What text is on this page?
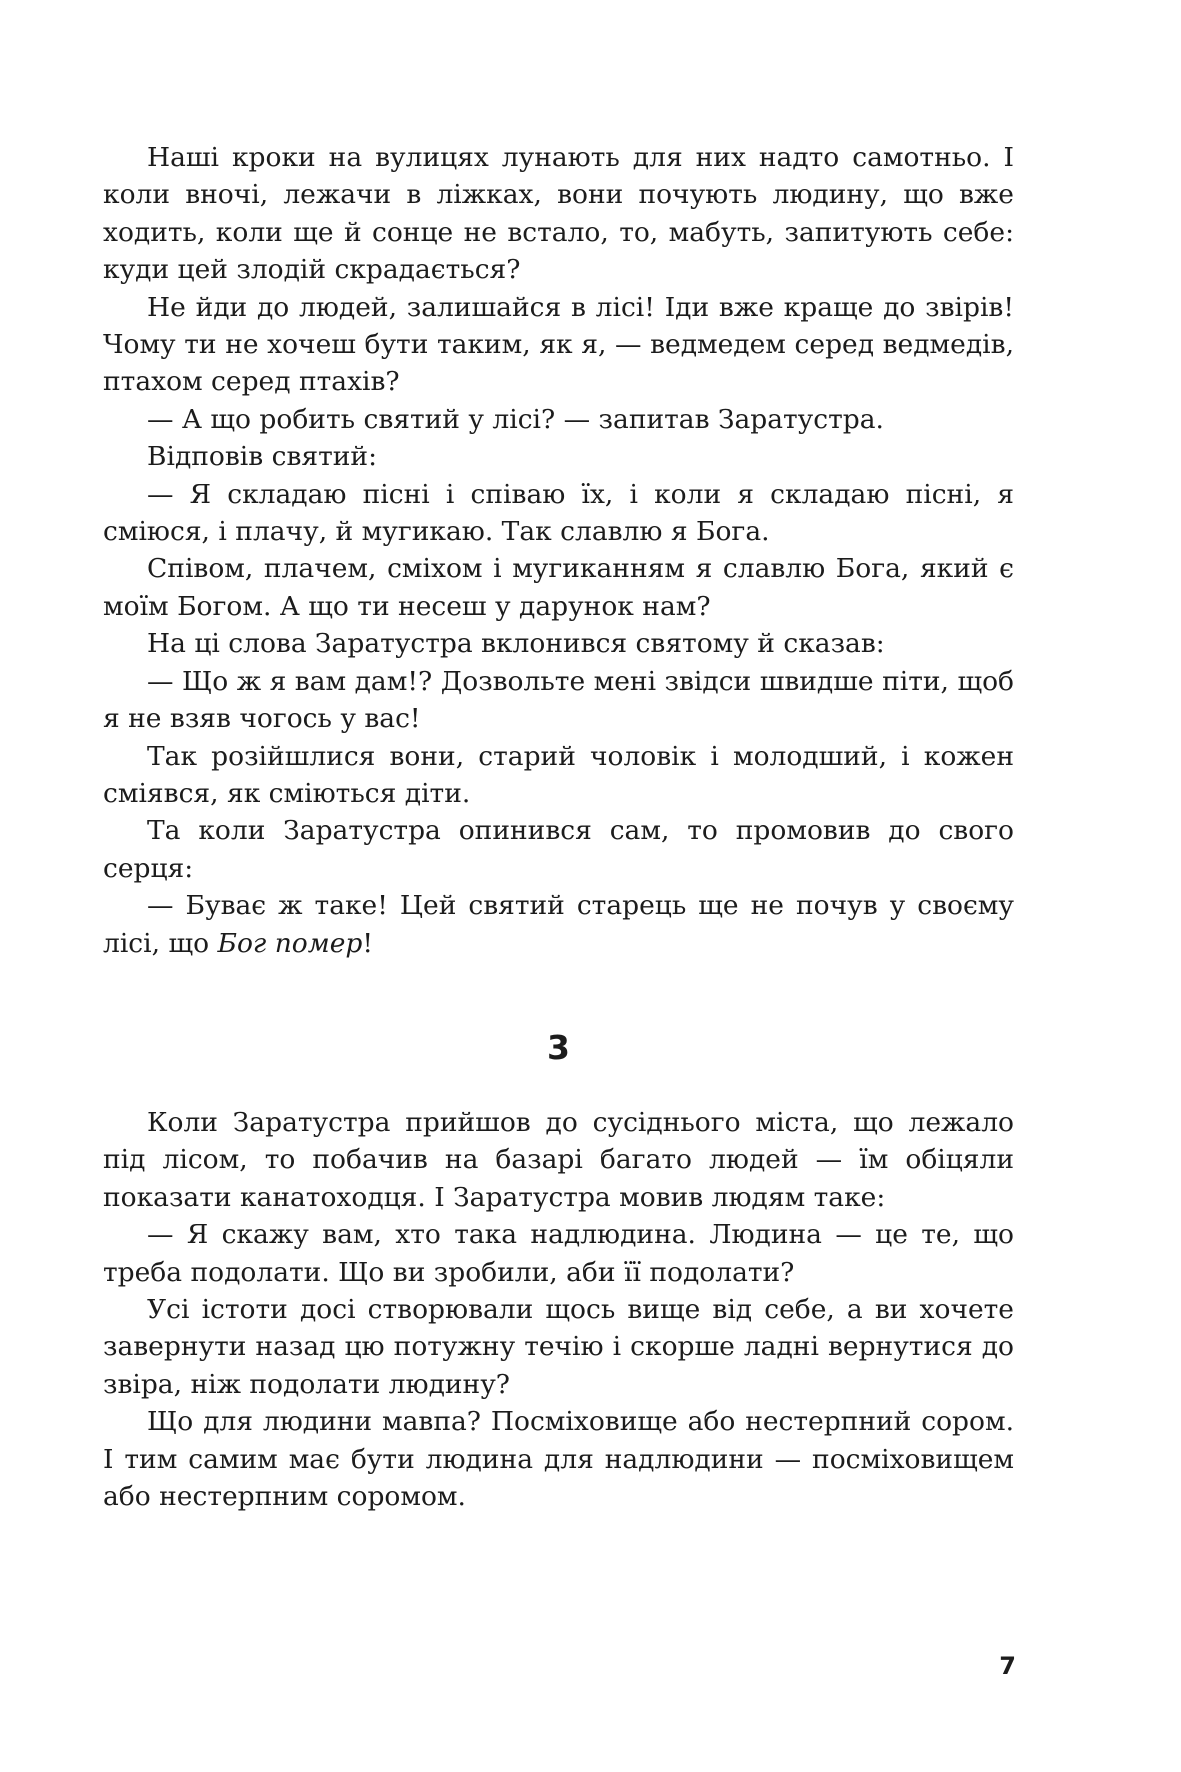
Наші кроки на вулицях лунають для них надто самотньо. І коли вночі, лежачи в ліжках, вони почують людину, що вже ходить, коли ще й сонце не встало, то, мабуть, запитують себе: куди цей злодій скрадається?

Не йди до людей, залишайся в лісі! Іди вже краще до звірів! Чому ти не хочеш бути таким, як я, — ведмедем серед ведмедів, птахом серед птахів?

— А що робить святий у лісі? — запитав Заратустра.

Відповів святий:

— Я складаю пісні і співаю їх, і коли я складаю пісні, я сміюся, і плачу, й мугикаю. Так славлю я Бога.

Співом, плачем, сміхом і мугиканням я славлю Бога, який є моїм Богом. А що ти несеш у дарунок нам?

На ці слова Заратустра вклонився святому й сказав:

— Що ж я вам дам!? Дозвольте мені звідси швидше піти, щоб я не взяв чогось у вас!

Так розійшлися вони, старий чоловік і молодший, і кожен сміявся, як сміються діти.

Та коли Заратустра опинився сам, то промовив до свого серця:

— Буває ж таке! Цей святий старець ще не почув у своєму лісі, що Бог помер!

3

Коли Заратустра прийшов до сусіднього міста, що лежало під лісом, то побачив на базарі багато людей — їм обіцяли показати канатоходця. І Заратустра мовив людям таке:

— Я скажу вам, хто така надлюдина. Людина — це те, що треба подолати. Що ви зробили, аби її подолати?

Усі істоти досі створювали щось вище від себе, а ви хочете завернути назад цю потужну течію і скорше ладні вернутися до звіра, ніж подолати людину?

Що для людини мавпа? Посміховище або нестерпний сором. І тим самим має бути людина для надлюдини — посміховищем або нестерпним соромом.

7
